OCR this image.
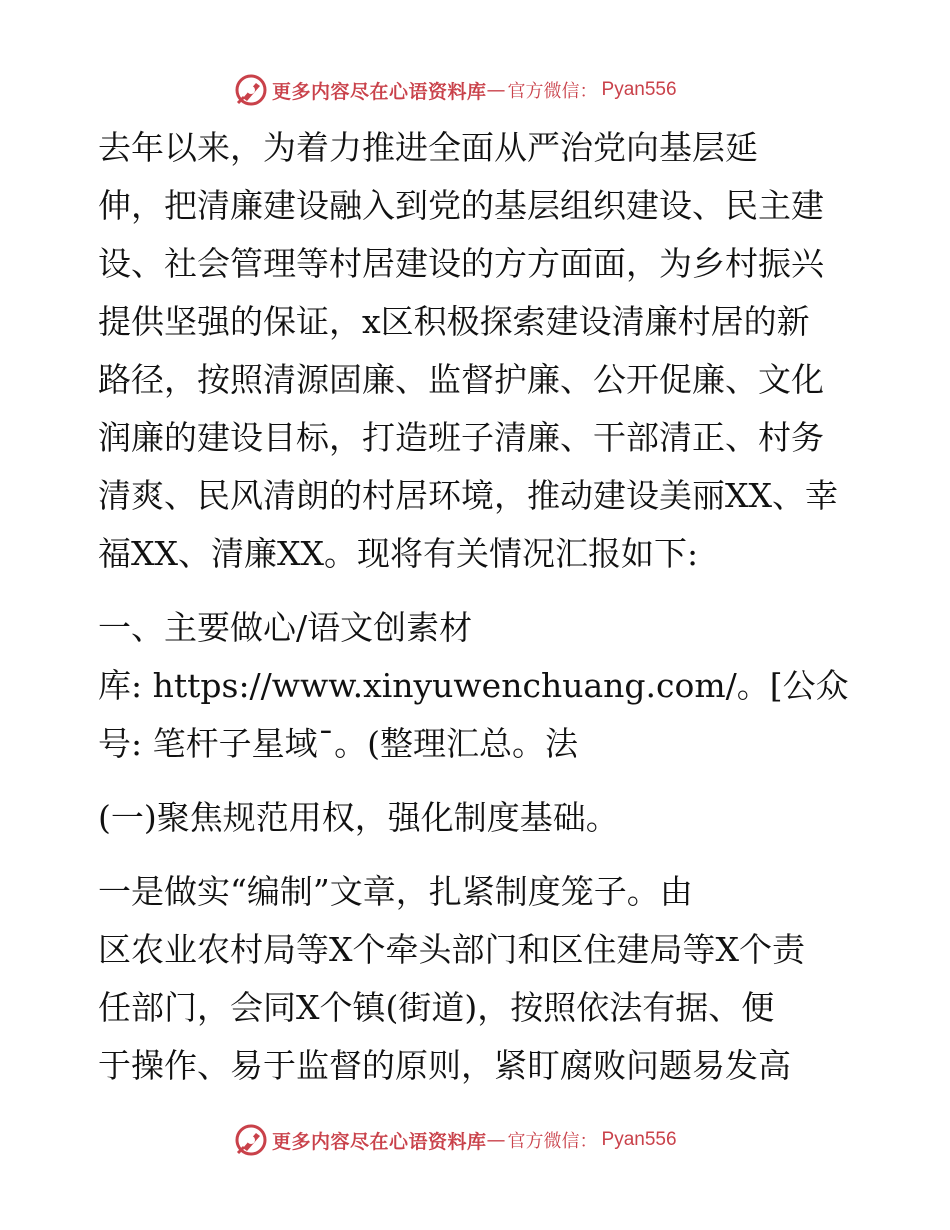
更多内容尽在心语资料库 — 官方微信： Pyan556
去年以来，为着力推进全面从严治党向基层延
伸，把清廉建设融入到党的基层组织建设、民主建
设、社会管理等村居建设的方方面面，为乡村振兴
提供坚强的保证，x区积极探索建设清廉村居的新
路径，按照清源固廉、监督护廉、公开促廉、文化
润廉的建设目标，打造班子清廉、干部清正、村务
清爽、民风清朗的村居环境，推动建设美丽XX、幸
福XX、清廉XX。现将有关情况汇报如下:
一、主要做心/语文创素材
库: https://www.xinyuwenchuang.com/。[公众
号: 笔杆子星域¯。(整理汇总。法
(一)聚焦规范用权，强化制度基础。
一是做实“编制”文章，扎紧制度笼子。由
区农业农村局等X个牵头部门和区住建局等X个责
任部门，会同X个镇(街道)，按照依法有据、便
于操作、易于监督的原则，紧盯腐败问题易发高
更多内容尽在心语资料库 — 官方微信： Pyan556
